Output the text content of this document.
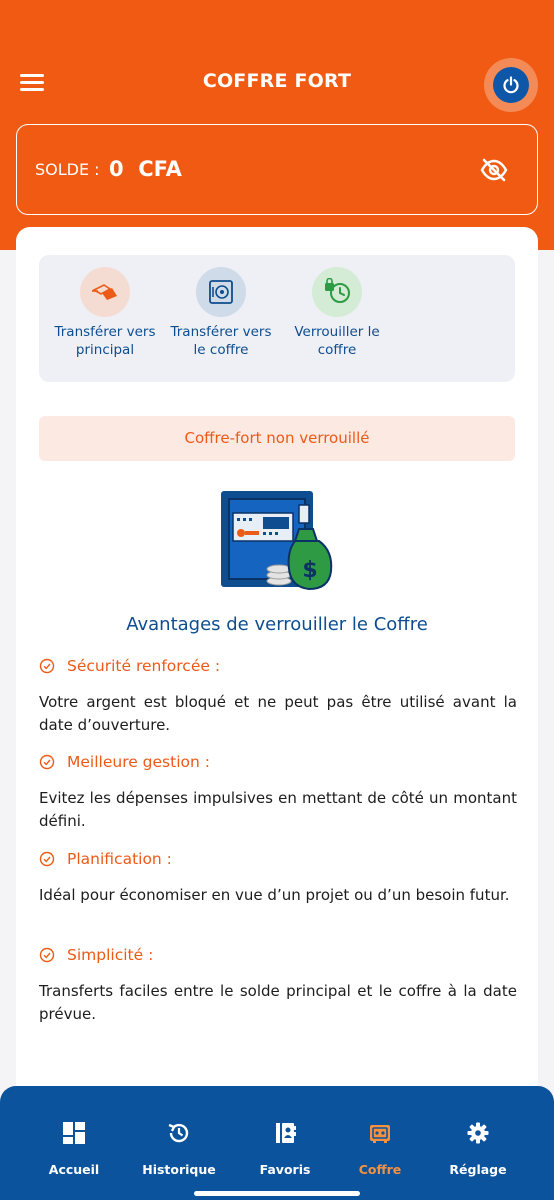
COFFRE FORT
SOLDE : 0  CFA
Transférer vers principal
Transférer vers le coffre
Verrouiller le coffre
Coffre-fort non verrouillé
$
Avantages de verrouiller le Coffre
Sécurité renforcée :
Votre argent est bloqué et ne peut pas être utilisé avant la date d’ouverture.
Meilleure gestion :
Evitez les dépenses impulsives en mettant de côté un montant défini.
Planification :
Idéal pour économiser en vue d’un projet ou d’un besoin futur.
Simplicité :
Transferts faciles entre le solde principal et le coffre à la date prévue.
Accueil	Historique	Favoris	Coffre	Réglage
